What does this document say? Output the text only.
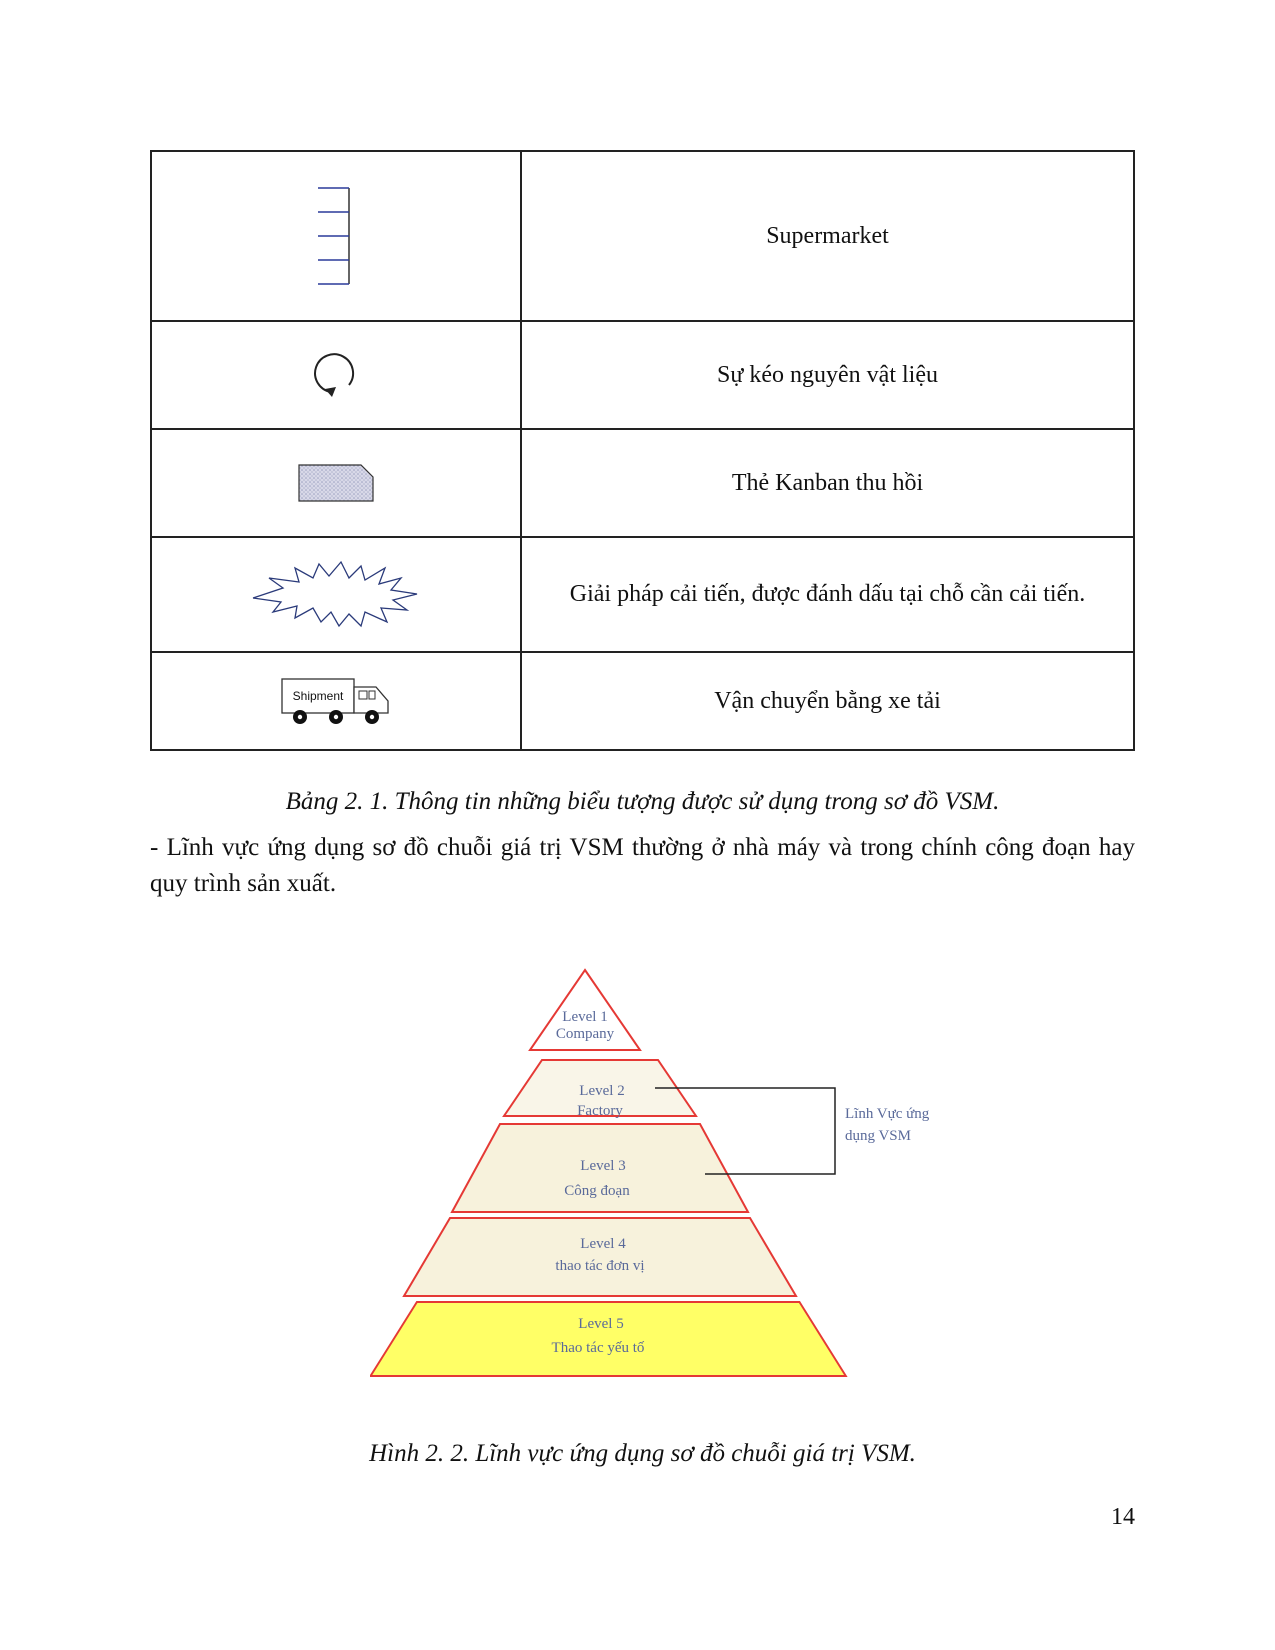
	Supermarket

	Sự kéo nguyên vật liệu

	Thẻ Kanban thu hồi

	Giải pháp cải tiến, được đánh dấu tại chỗ cần cải tiến.

Shipment	Vận chuyển bằng xe tải
Bảng 2. 1. Thông tin những biểu tượng được sử dụng trong sơ đồ VSM.
- Lĩnh vực ứng dụng sơ đồ chuỗi giá trị VSM thường ở nhà máy và trong chính công đoạn hay quy trình sản xuất.
Level 1
Company
Level 2
Factory
Level 3
Công đoạn
Level 4
thao tác đơn vị
Level 5
Thao tác yếu tố
Lĩnh Vực ứng
dụng VSM
Hình 2. 2. Lĩnh vực ứng dụng sơ đồ chuỗi giá trị VSM.
14
